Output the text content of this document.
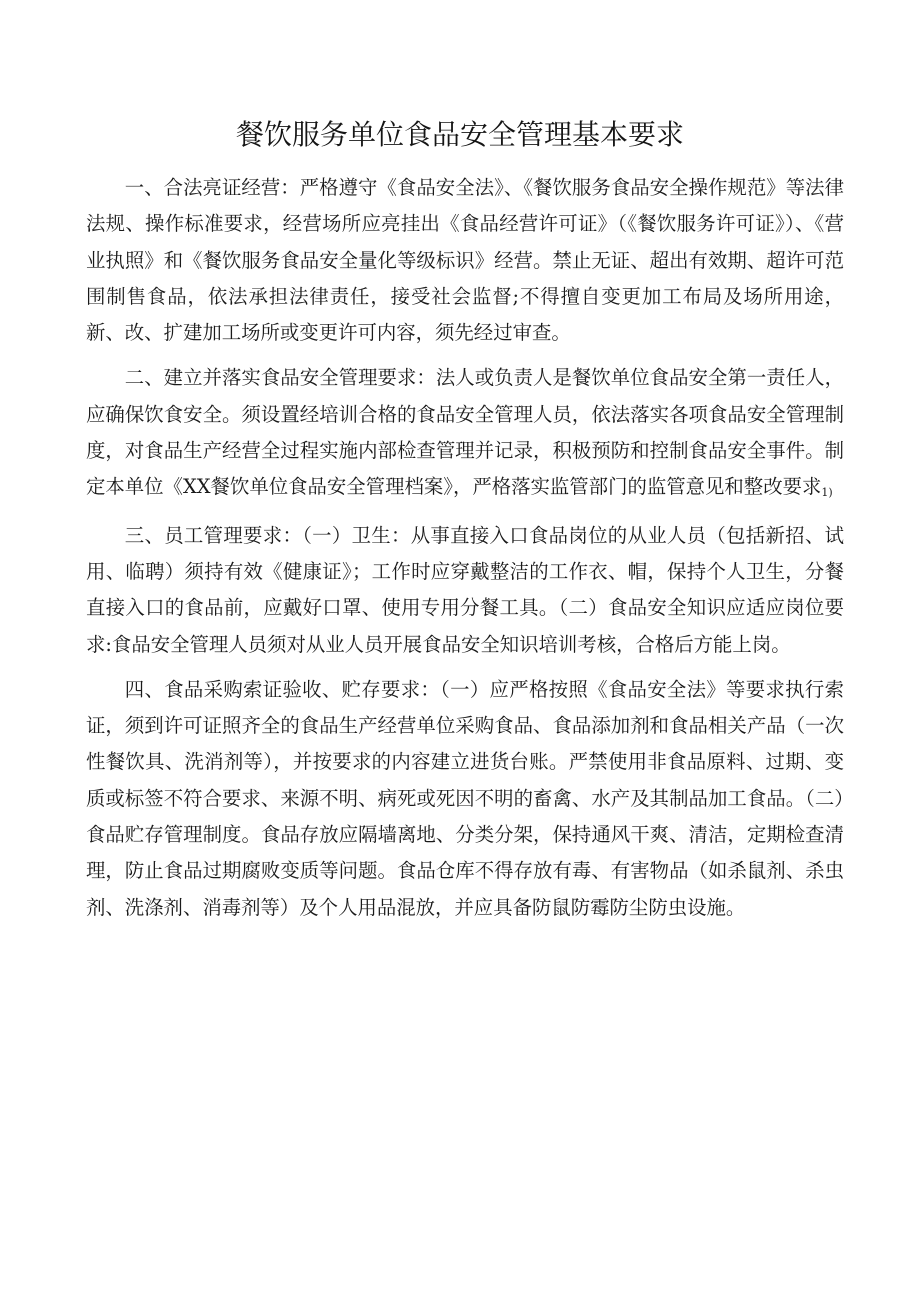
餐饮服务单位食品安全管理基本要求

一、合法亮证经营：严格遵守《食品安全法》、《餐饮服务食品安全操作规范》等法律法规、操作标准要求，经营场所应亮挂出《食品经营许可证》（《餐饮服务许可证》）、《营业执照》和《餐饮服务食品安全量化等级标识》经营。禁止无证、超出有效期、超许可范围制售食品，依法承担法律责任，接受社会监督;不得擅自变更加工布局及场所用途，新、改、扩建加工场所或变更许可内容，须先经过审查。

二、建立并落实食品安全管理要求：法人或负责人是餐饮单位食品安全第一责任人，应确保饮食安全。须设置经培训合格的食品安全管理人员，依法落实各项食品安全管理制度，对食品生产经营全过程实施内部检查管理并记录，积极预防和控制食品安全事件。制定本单位《XX餐饮单位食品安全管理档案》，严格落实监管部门的监管意见和整改要求1)

三、员工管理要求：（一）卫生：从事直接入口食品岗位的从业人员（包括新招、试用、临聘）须持有效《健康证》；工作时应穿戴整洁的工作衣、帽，保持个人卫生，分餐直接入口的食品前，应戴好口罩、使用专用分餐工具。（二）食品安全知识应适应岗位要求:食品安全管理人员须对从业人员开展食品安全知识培训考核，合格后方能上岗。

四、食品采购索证验收、贮存要求：（一）应严格按照《食品安全法》等要求执行索证，须到许可证照齐全的食品生产经营单位采购食品、食品添加剂和食品相关产品（一次性餐饮具、洗消剂等），并按要求的内容建立进货台账。严禁使用非食品原料、过期、变质或标签不符合要求、来源不明、病死或死因不明的畜禽、水产及其制品加工食品。（二）食品贮存管理制度。食品存放应隔墙离地、分类分架，保持通风干爽、清洁，定期检查清理，防止食品过期腐败变质等问题。食品仓库不得存放有毒、有害物品（如杀鼠剂、杀虫剂、洗涤剂、消毒剂等）及个人用品混放，并应具备防鼠防霉防尘防虫设施。
